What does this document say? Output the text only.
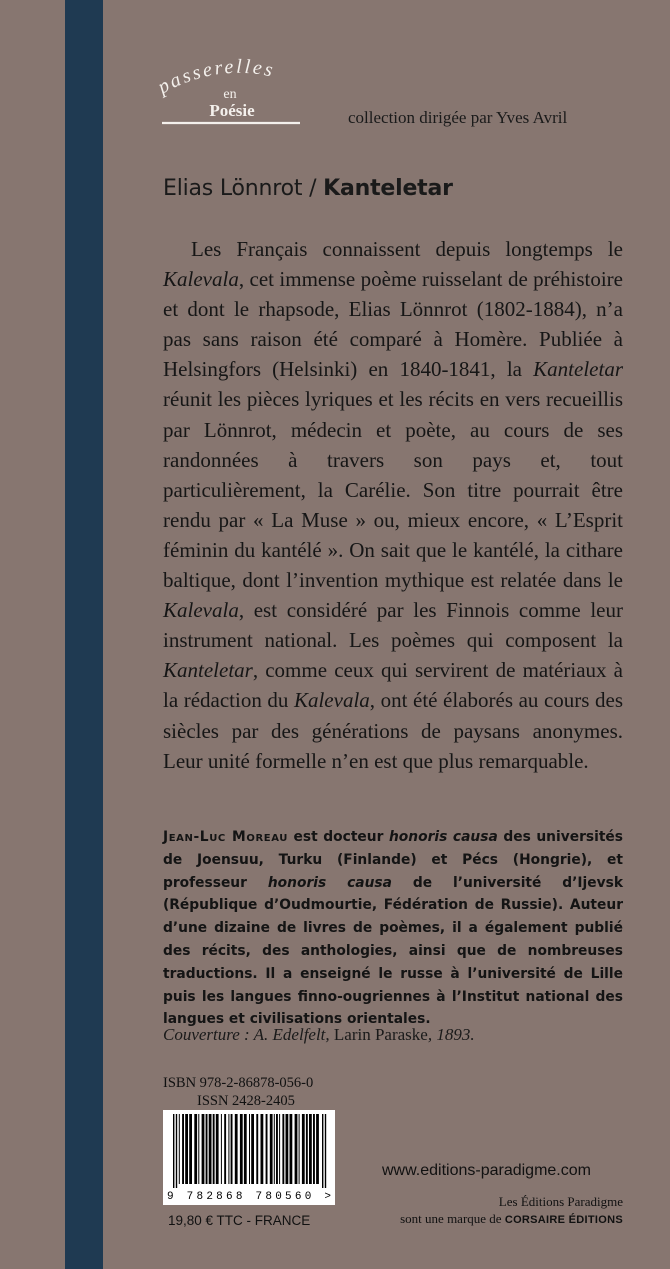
passerelles
en
Poésie	collection dirigée par Yves Avril
Elias Lönnrot / Kanteletar

Les Français connaissent depuis longtemps le Kalevala, cet immense poème ruisselant de préhistoire et dont le rhapsode, Elias Lönnrot (1802-1884), n’a pas sans raison été comparé à Homère. Publiée à Helsingfors (Helsinki) en 1840-1841, la Kanteletar réunit les pièces lyriques et les récits en vers recueillis par Lönnrot, médecin et poète, au cours de ses randonnées à travers son pays et, tout particulièrement, la Carélie. Son titre pourrait être rendu par « La Muse » ou, mieux encore, « L’Esprit féminin du kantélé ». On sait que le kantélé, la cithare baltique, dont l’invention mythique est relatée dans le Kalevala, est considéré par les Finnois comme leur instrument national. Les poèmes qui composent la Kanteletar, comme ceux qui servirent de matériaux à la rédaction du Kalevala, ont été élaborés au cours des siècles par des générations de paysans anonymes. Leur unité formelle n’en est que plus remarquable.

Jean-Luc Moreau est docteur honoris causa des universités de Joensuu, Turku (Finlande) et Pécs (Hongrie), et professeur honoris causa de l’université d’Ijevsk (République d’Oudmourtie, Fédération de Russie). Auteur d’une dizaine de livres de poèmes, il a également publié des récits, des anthologies, ainsi que de nombreuses traductions. Il a enseigné le russe à l’université de Lille puis les langues finno-ougriennes à l’Institut national des langues et civilisations orientales.

Couverture : A. Edelfelt, Larin Paraske, 1893.
ISBN 978-2-86878-056-0
ISSN 2428-2405
9 782868 780560 >
19,80 € TTC - FRANCE
www.editions-paradigme.com
Les Éditions Paradigme
sont une marque de CORSAIRE ÉDITIONS
